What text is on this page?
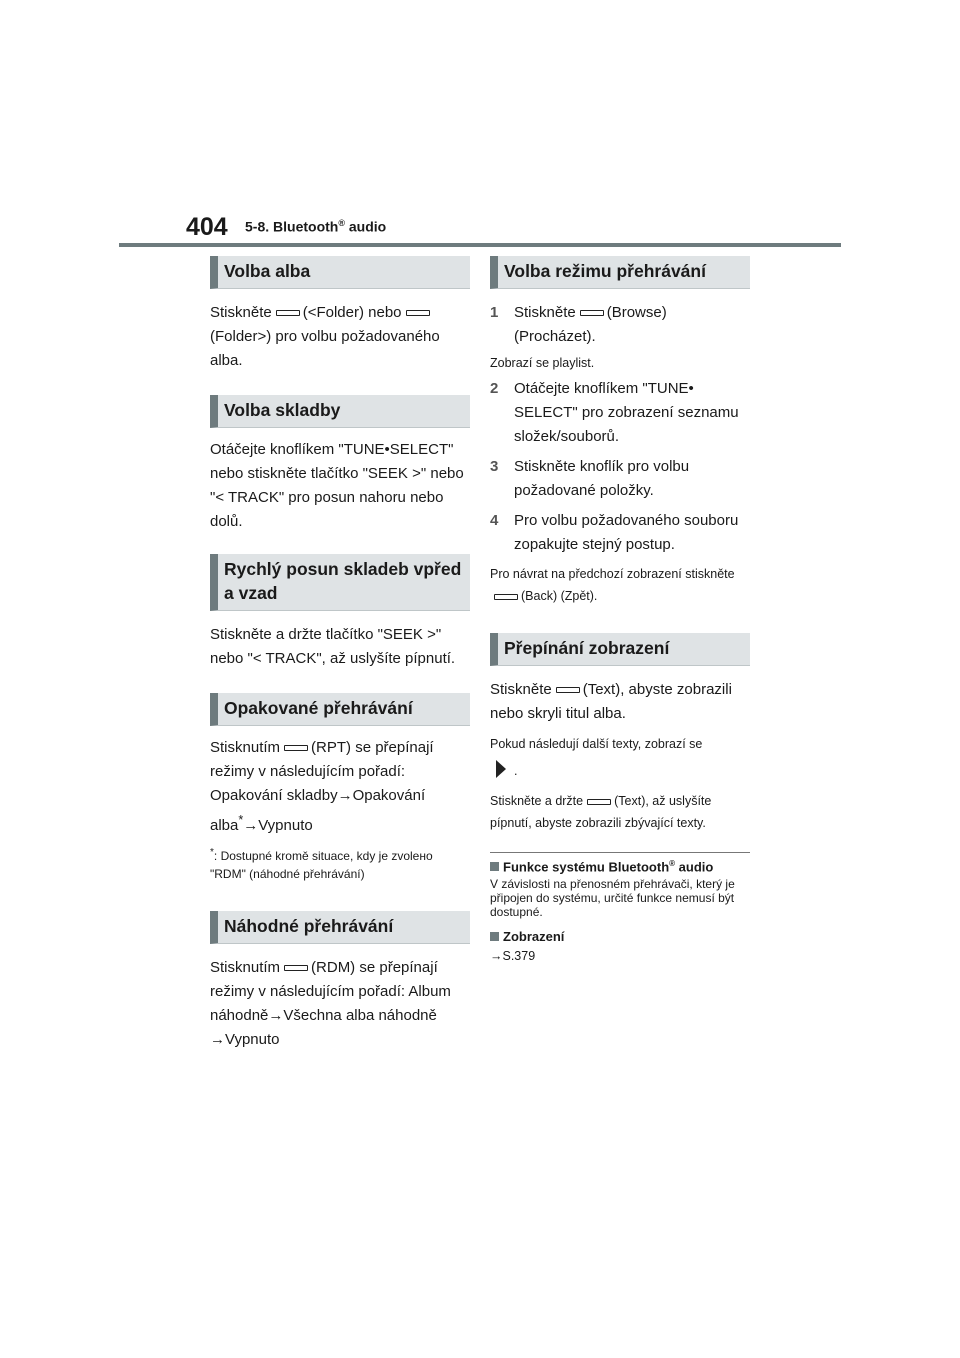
404 5-8. Bluetooth® audio
Volba alba

Stiskněte (<Folder) nebo (Folder>) pro volbu požadovaného alba.

Volba skladby

Otáčejte knoflíkem "TUNE•SELECT" nebo stiskněte tlačítko "SEEK >" nebo "< TRACK" pro posun nahoru nebo dolů.

Rychlý posun skladeb vpřed a vzad

Stiskněte a držte tlačítko "SEEK >" nebo "< TRACK", až uslyšíte pípnutí.

Opakované přehrávání

Stisknutím (RPT) se přepínají režimy v následujícím pořadí: Opakování skladby→Opakování alba*→Vypnuto

*: Dostupné kromě situace, kdy je zvolено "RDM" (náhodné přehrávání)

Náhodné přehrávání

Stisknutím (RDM) se přepínají režimy v následujícím pořadí: Album náhodně→Všechna alba náhodně →Vypnuto

Volba režimu přehrávání
1	Stiskněte (Browse) (Procházet).

Zobrazí se playlist.

2	Otáčejte knoflíkem "TUNE• SELECT" pro zobrazení seznamu složek/souborů.
3	Stiskněte knoflík pro volbu požadované položky.
4	Pro volbu požadovaného souboru zopakujte stejný postup.

Pro návrat na předchozí zobrazení stiskněte(Back) (Zpět).

Přepínání zobrazení

Stiskněte (Text), abyste zobrazili nebo skryli titul alba.

Pokud následují další texty, zobrazí se

.

Stiskněte a držte (Text), až uslyšíte pípnutí, abyste zobrazili zbývající texty.

Funkce systému Bluetooth® audio

V závislosti na přenosném přehrávači, který je připojen do systému, určité funkce nemusí být dostupné.

Zobrazení

→S.379
